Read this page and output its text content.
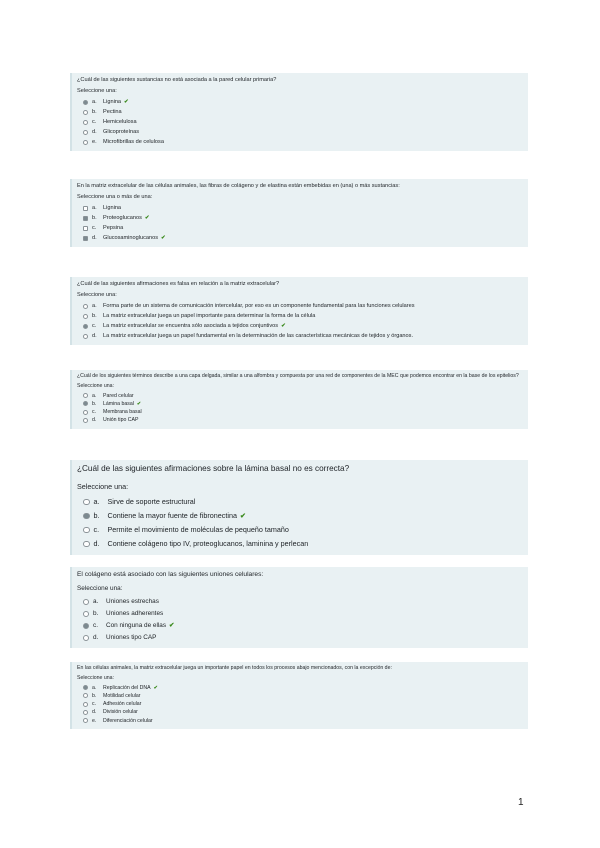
¿Cuál de las siguientes sustancias no está asociada a la pared celular primaria?
Seleccione una:
a.	Lignina ✔
b.	Pectina
c.	Hemicelulosa
d.	Glicoproteínas
e.	Microfibrillas de celulosa
En la matriz extracelular de las células animales, las fibras de colágeno y de elastina están embebidas en (una) o más sustancias:
Seleccione una o más de una:
a.	Lignina
b.	Proteoglucanos ✔
c.	Pepsina
d.	Glucosaminoglucanos ✔
¿Cuál de las siguientes afirmaciones es falsa en relación a la matriz extracelular?
Seleccione una:
a.	Forma parte de un sistema de comunicación intercelular, por eso es un componente fundamental para las funciones celulares
b.	La matriz extracelular juega un papel importante para determinar la forma de la célula
c.	La matriz extracelular se encuentra sólo asociada a tejidos conjuntivos ✔
d.	La matriz extracelular juega un papel fundamental en la determinación de las características mecánicas de tejidos y órganos.
¿Cuál de los siguientes términos describe a una capa delgada, similar a una alfombra y compuesta por una red de componentes de la MEC que podemos encontrar en la base de los epitelios?
Seleccione una:
a.	Pared celular
b.	Lámina basal ✔
c.	Membrana basal
d.	Unión tipo CAP
¿Cuál de las siguientes afirmaciones sobre la lámina basal no es correcta?
Seleccione una:
a.	Sirve de soporte estructural
b.	Contiene la mayor fuente de fibronectina ✔
c.	Permite el movimiento de moléculas de pequeño tamaño
d.	Contiene colágeno tipo IV, proteoglucanos, laminina y perlecan
El colágeno está asociado con las siguientes uniones celulares:
Seleccione una:
a.	Uniones estrechas
b.	Uniones adherentes
c.	Con ninguna de ellas ✔
d.	Uniones tipo CAP
En las células animales, la matriz extracelular juega un importante papel en todos los procesos abajo mencionados, con la excepción de:
Seleccione una:
a.	Replicación del DNA ✔
b.	Motilidad celular
c.	Adhesión celular
d.	División celular
e.	Diferenciación celular
1
